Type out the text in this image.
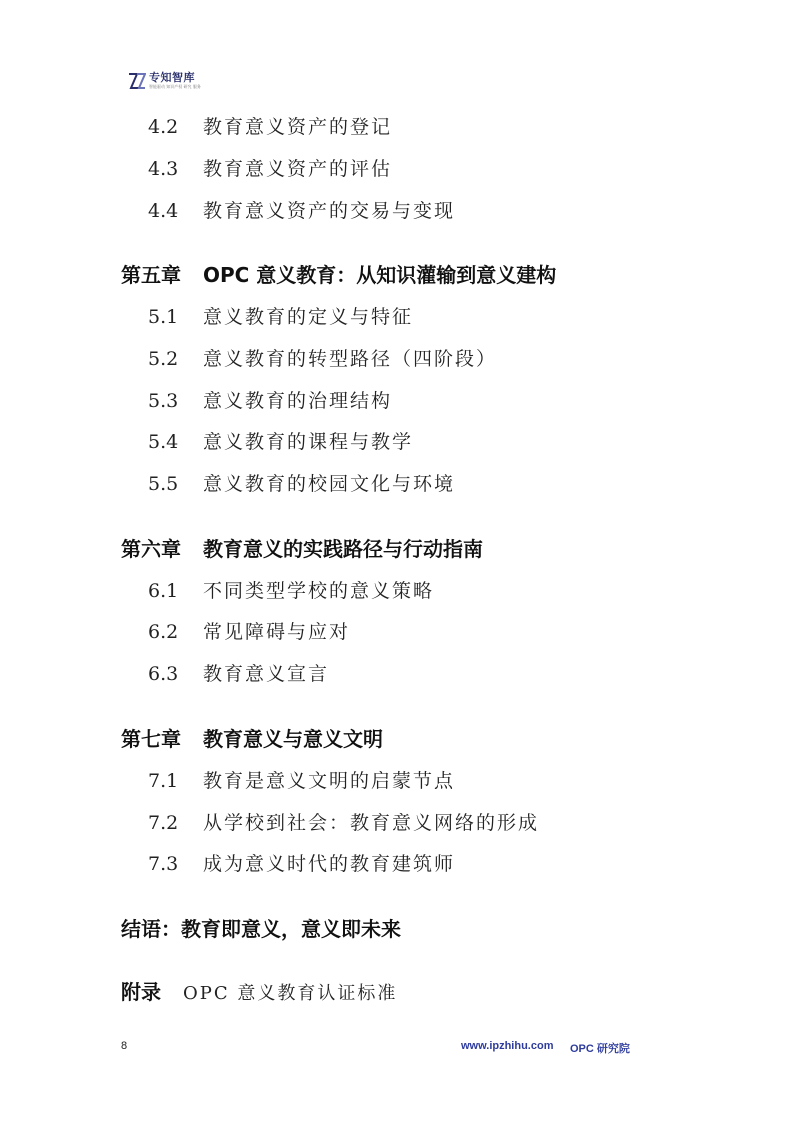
专知智库
智能驱动 知识产权 研究 服务
4.2	教育意义资产的登记
4.3	教育意义资产的评估
4.4	教育意义资产的交易与变现
第五章 OPC 意义教育：从知识灌输到意义建构
5.1	意义教育的定义与特征
5.2	意义教育的转型路径（四阶段）
5.3	意义教育的治理结构
5.4	意义教育的课程与教学
5.5	意义教育的校园文化与环境
第六章 教育意义的实践路径与行动指南
6.1	不同类型学校的意义策略
6.2	常见障碍与应对
6.3	教育意义宣言
第七章 教育意义与意义文明
7.1	教育是意义文明的启蒙节点
7.2	从学校到社会：教育意义网络的形成
7.3	成为意义时代的教育建筑师
结语：教育即意义，意义即未来
附录 OPC 意义教育认证标准
8	www.ipzhihu.com OPC 研究院
